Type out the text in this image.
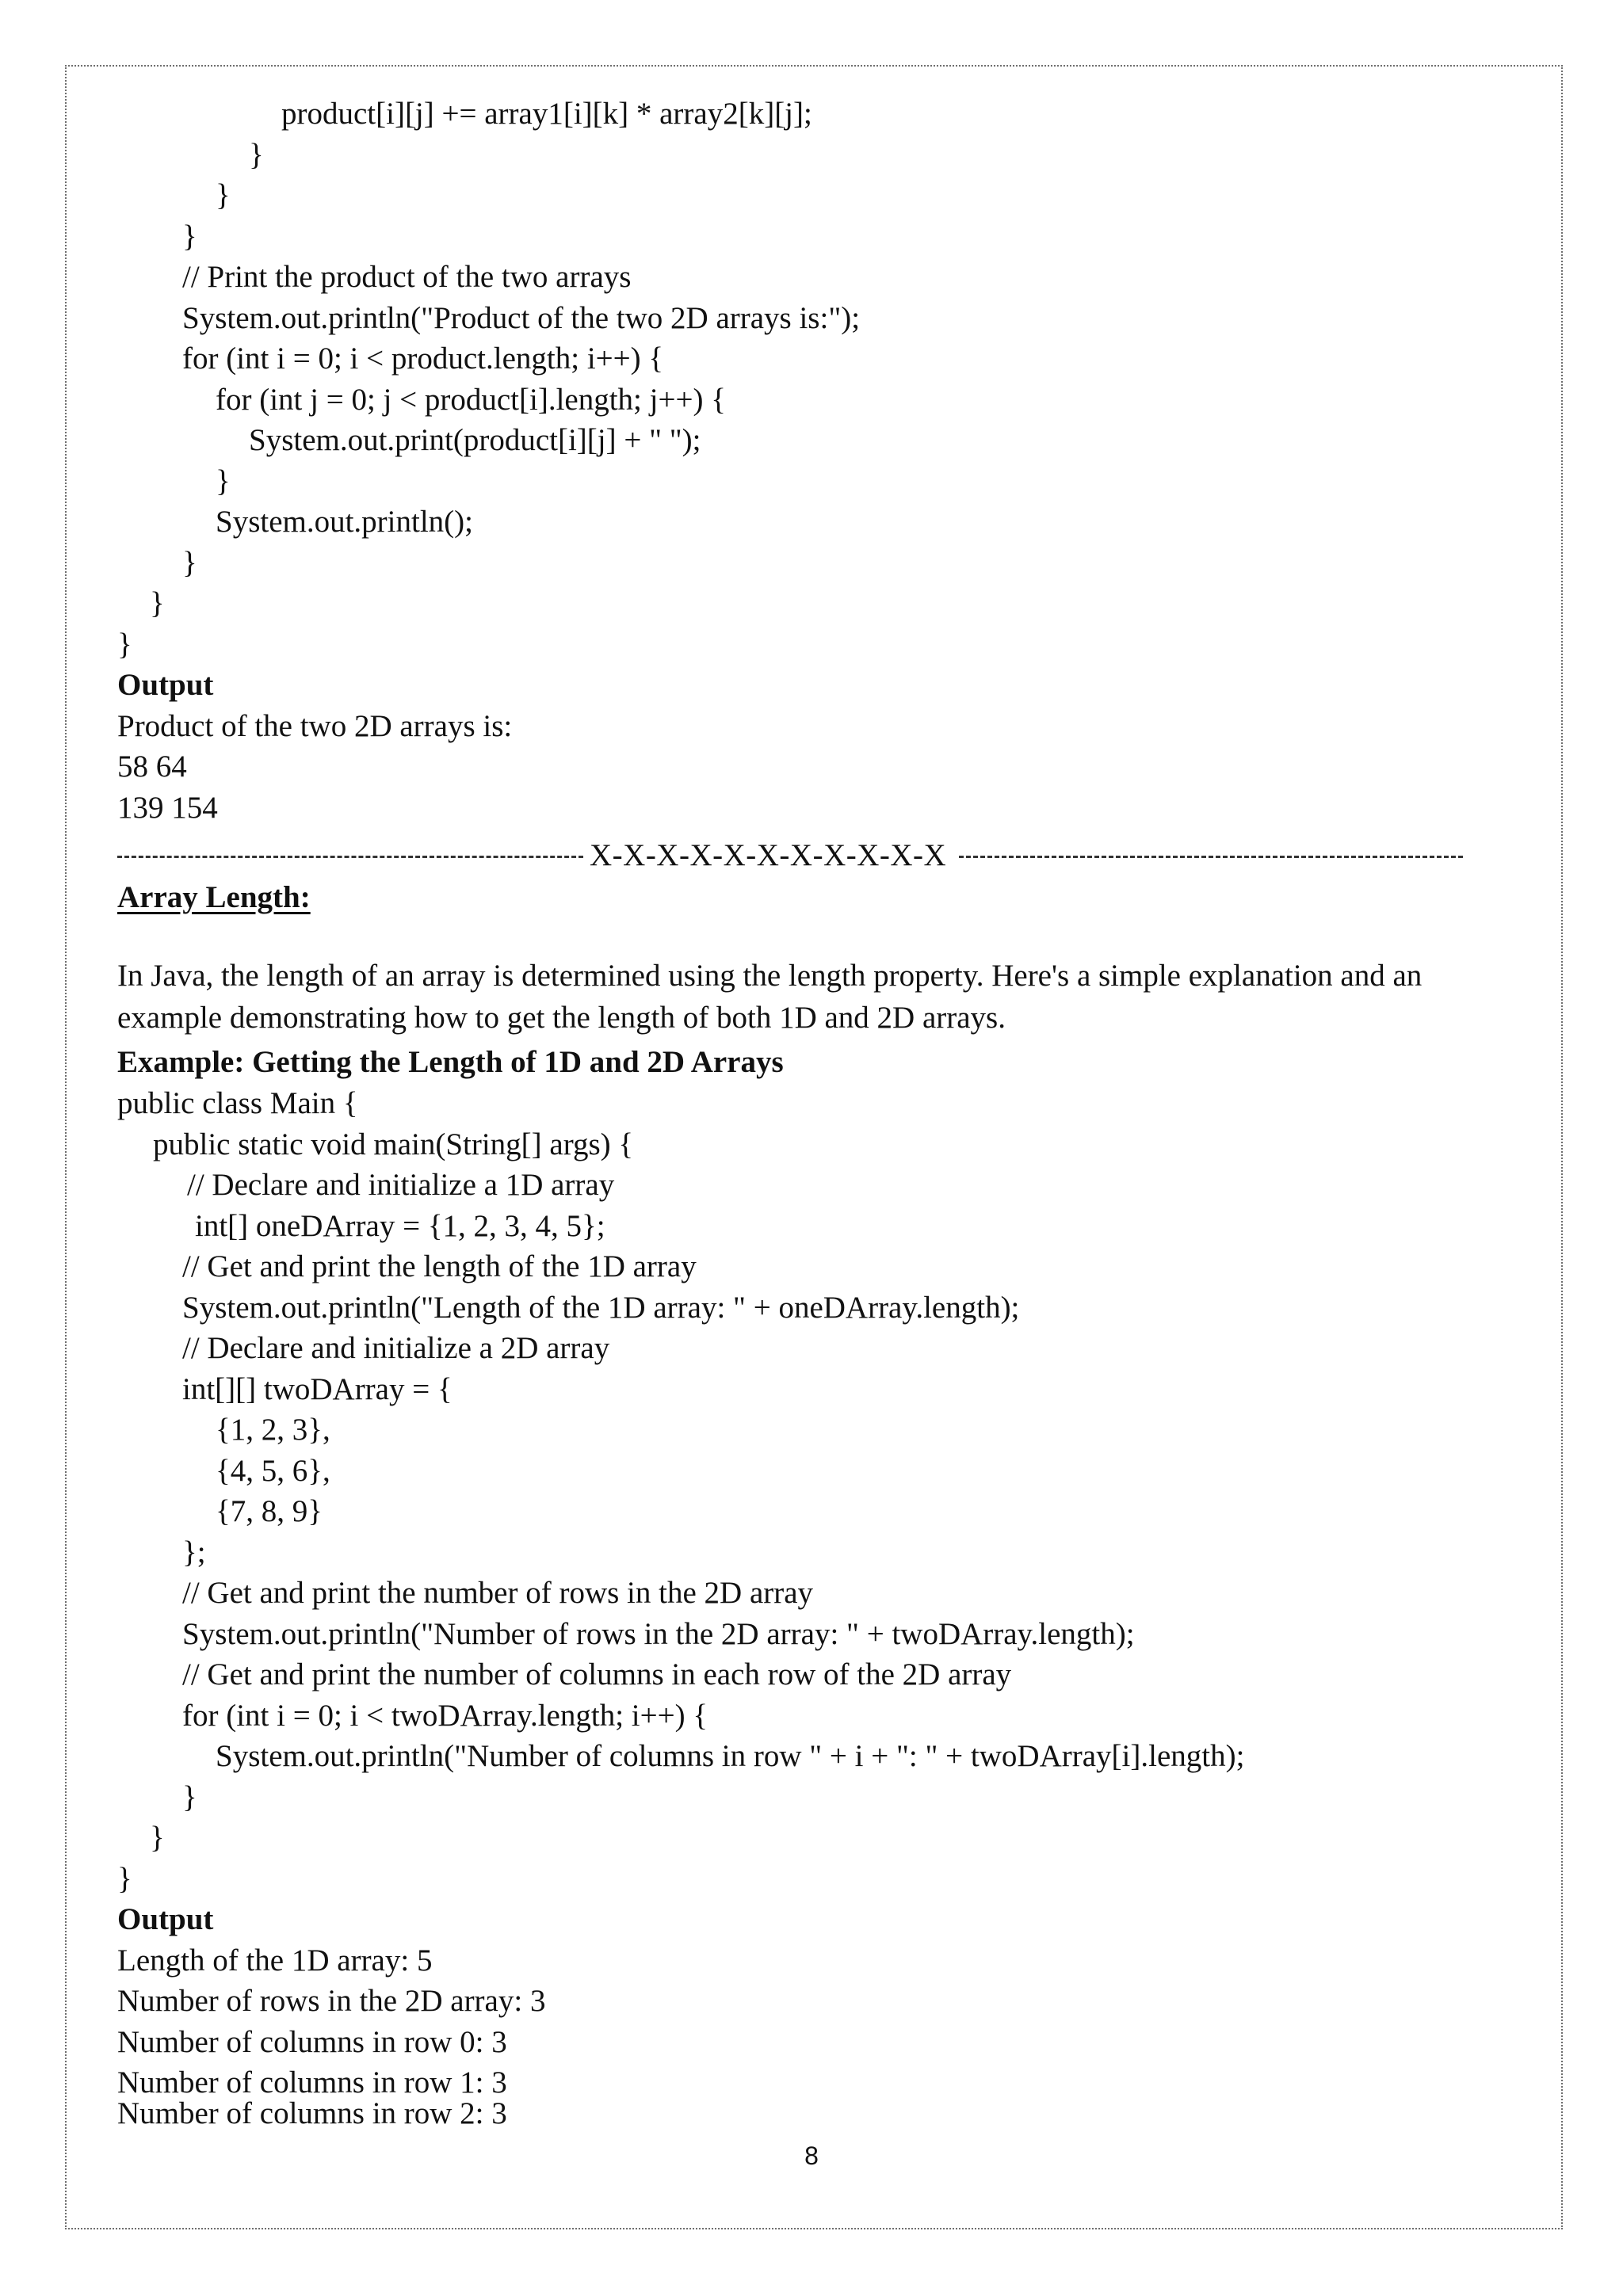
product[i][j] += array1[i][k] * array2[k][j];
}
}
}
// Print the product of the two arrays
System.out.println("Product of the two 2D arrays is:");
for (int i = 0; i < product.length; i++) {
for (int j = 0; j < product[i].length; j++) {
System.out.print(product[i][j] + " ");
}
System.out.println();
}
}
}
Output
Product of the two 2D arrays is:
58 64
139 154
X-X-X-X-X-X-X-X-X-X-X
Array Length:
In Java, the length of an array is determined using the length property. Here's a simple explanation and an example demonstrating how to get the length of both 1D and 2D arrays.
Example: Getting the Length of 1D and 2D Arrays
public class Main {
public static void main(String[] args) {
// Declare and initialize a 1D array
int[] oneDArray = {1, 2, 3, 4, 5};
// Get and print the length of the 1D array
System.out.println("Length of the 1D array: " + oneDArray.length);
// Declare and initialize a 2D array
int[][] twoDArray = {
{1, 2, 3},
{4, 5, 6},
{7, 8, 9}
};
// Get and print the number of rows in the 2D array
System.out.println("Number of rows in the 2D array: " + twoDArray.length);
// Get and print the number of columns in each row of the 2D array
for (int i = 0; i < twoDArray.length; i++) {
System.out.println("Number of columns in row " + i + ": " + twoDArray[i].length);
}
}
}
Output
Length of the 1D array: 5
Number of rows in the 2D array: 3
Number of columns in row 0: 3
Number of columns in row 1: 3
Number of columns in row 2: 3
8
